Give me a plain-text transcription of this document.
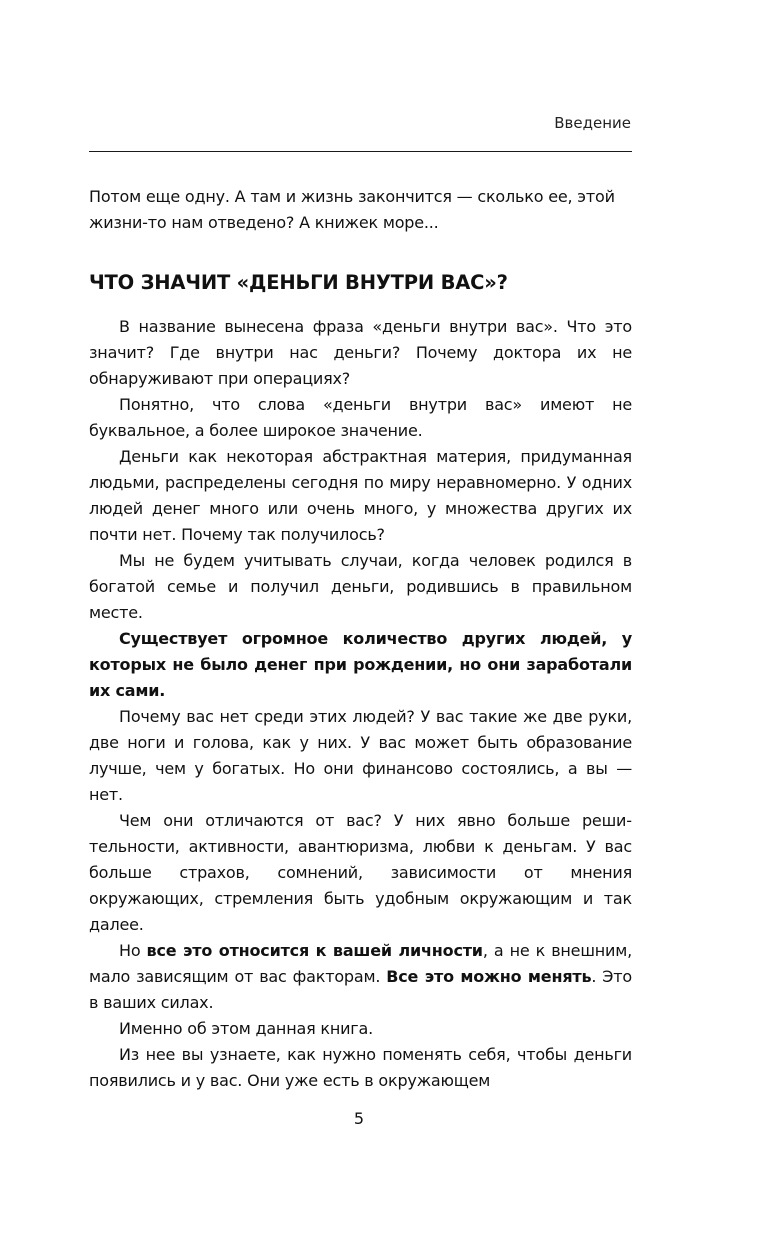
Введение

Потом еще одну. А там и жизнь закончится — сколько ее, этой жизни-то нам отведено? А книжек море...

ЧТО ЗНАЧИТ «ДЕНЬГИ ВНУТРИ ВАС»?

В название вынесена фраза «деньги внутри вас». Что это значит? Где внутри нас деньги? Почему доктора их не обнаруживают при операциях?

Понятно, что слова «деньги внутри вас» имеют не буквальное, а более широкое значение.

Деньги как некоторая абстрактная материя, придуманная людьми, распределены сегодня по миру неравномерно. У одних людей денег много или очень много, у множества других их почти нет. Почему так получилось?

Мы не будем учитывать случаи, когда человек родился в богатой семье и получил деньги, родившись в правильном месте.

Существует огромное количество других людей, у которых не было денег при рождении, но они заработали их сами.

Почему вас нет среди этих людей? У вас такие же две руки, две ноги и голова, как у них. У вас может быть образование лучше, чем у богатых. Но они финансово состоялись, а вы — нет.

Чем они отличаются от вас? У них явно больше решительности, активности, авантюризма, любви к деньгам. У вас больше страхов, сомнений, зависимости от мнения окружающих, стремления быть удобным окружающим и так далее.

Но все это относится к вашей личности, а не к внешним, мало зависящим от вас факторам. Все это можно менять. Это в ваших силах.

Именно об этом данная книга.

Из нее вы узнаете, как нужно поменять себя, чтобы деньги появились и у вас. Они уже есть в окружающем

5
